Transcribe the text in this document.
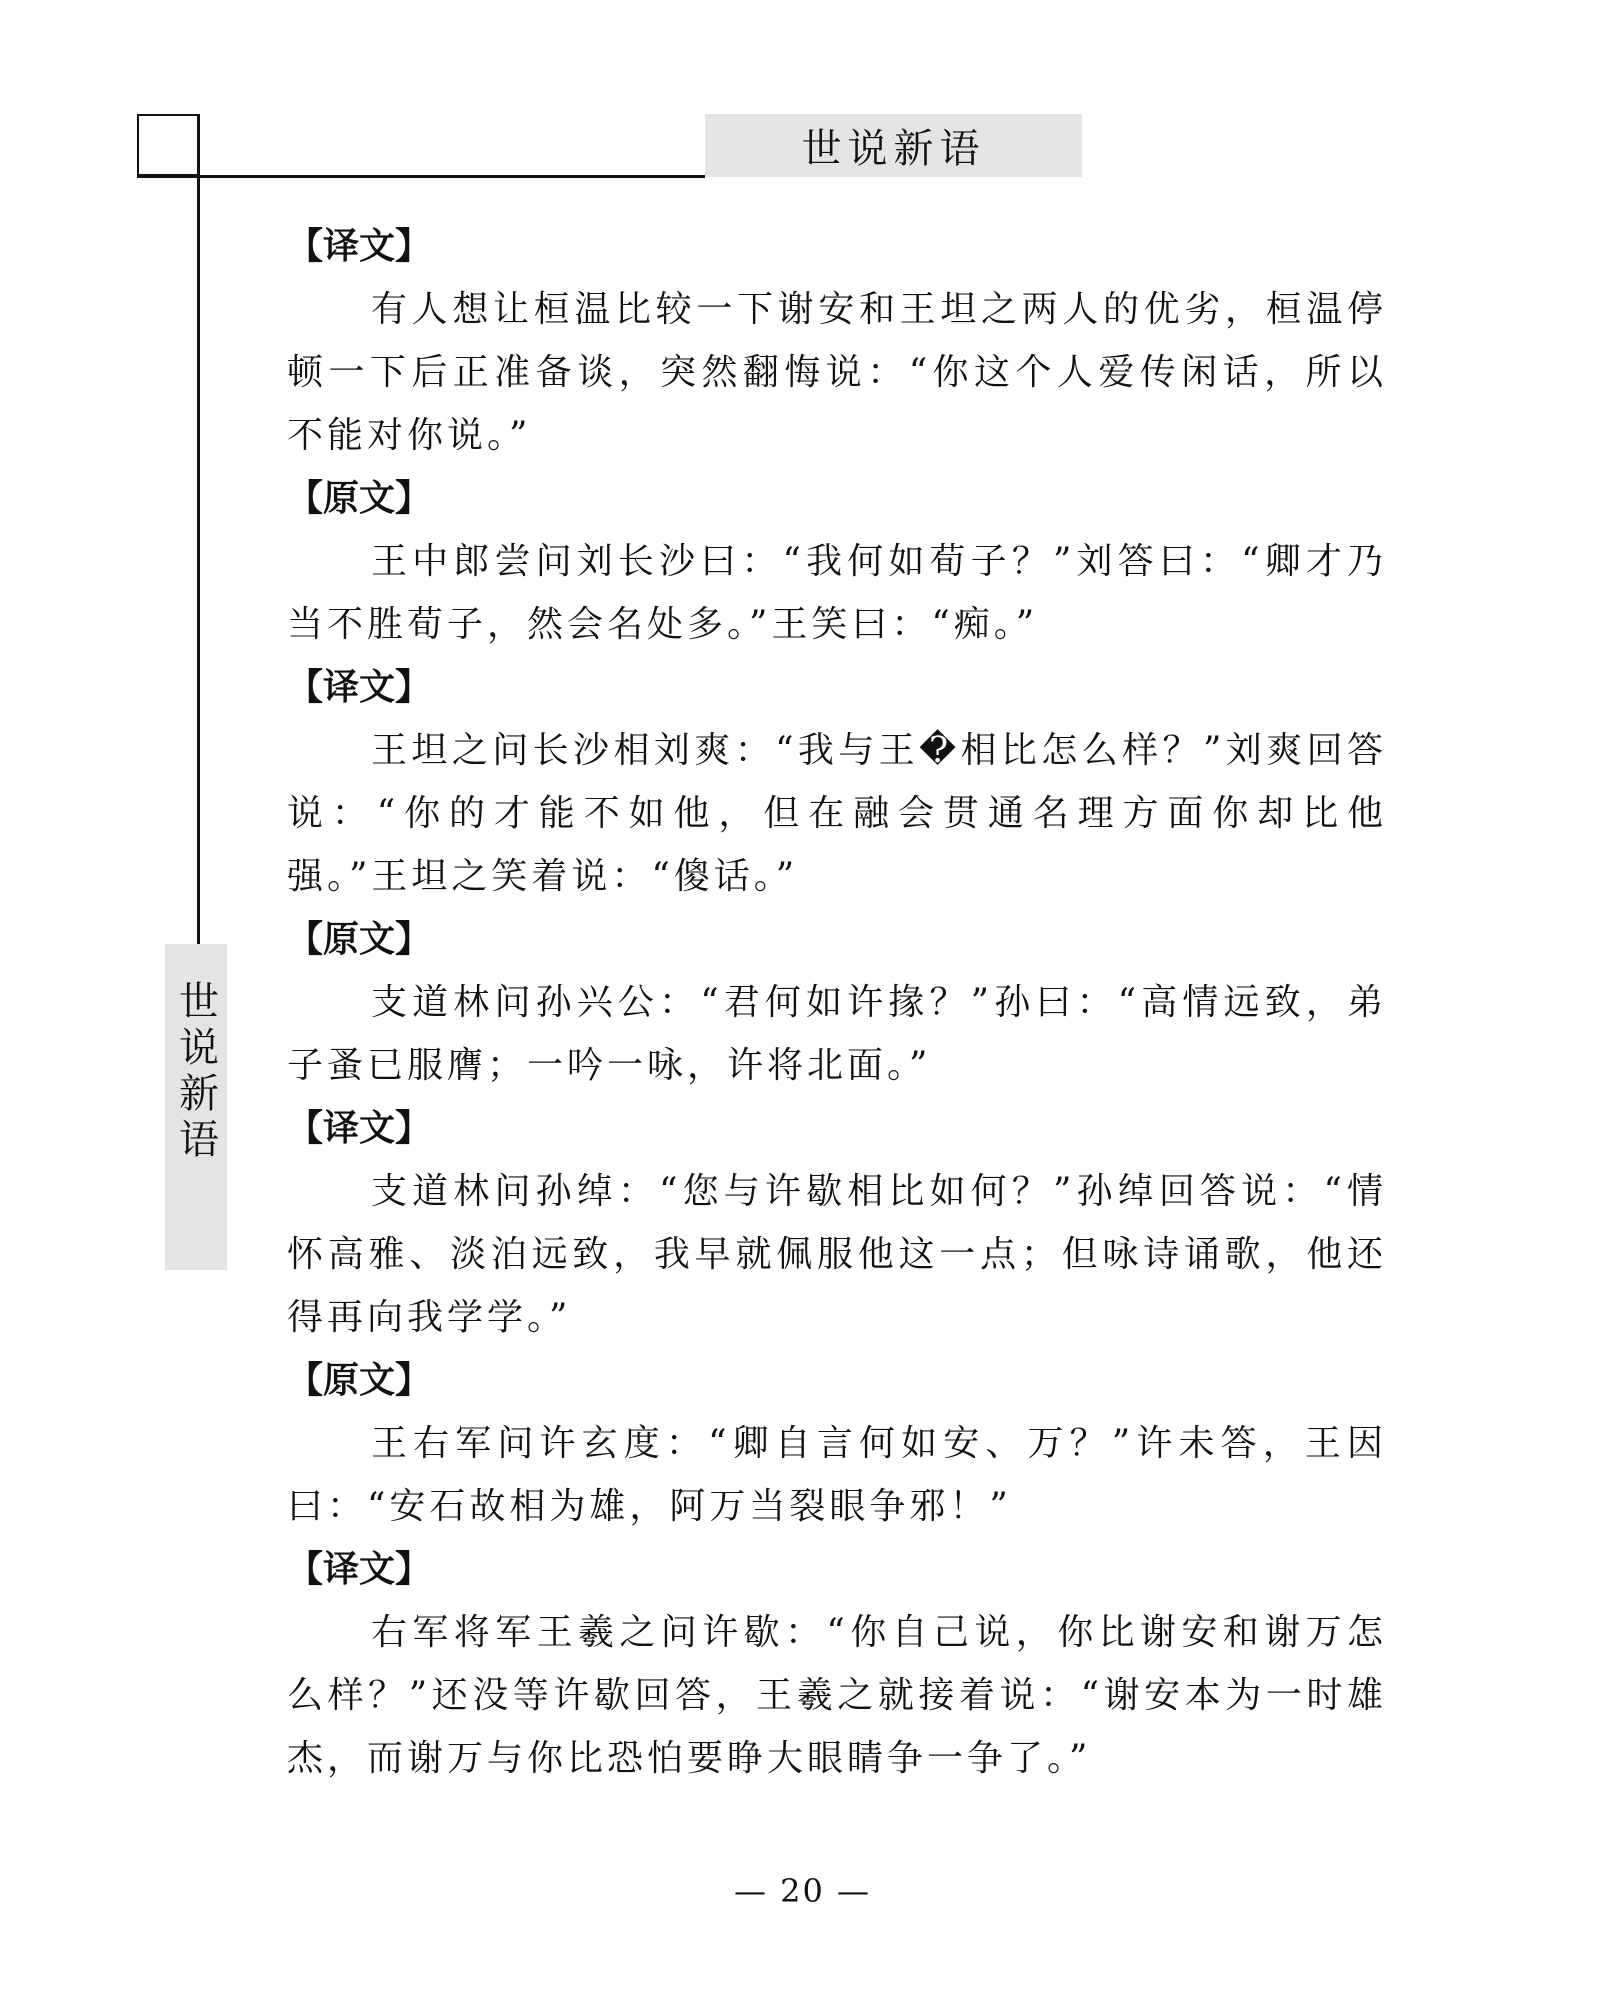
世说新语
世说新语

【译文】

有人想让桓温比较一下谢安和王坦之两人的优劣，桓温停顿一下后正准备谈，突然翻悔说：“你这个人爱传闲话，所以不能对你说。”

【原文】

王中郎尝问刘长沙曰：“我何如荀子？”刘答曰：“卿才乃当不胜荀子，然会名处多。”王笑曰：“痴。”

【译文】

王坦之问长沙相刘爽：“我与王�相比怎么样？”刘爽回答说：“你的才能不如他，但在融会贯通名理方面你却比他强。”王坦之笑着说：“傻话。”

【原文】

支道林问孙兴公：“君何如许掾？”孙曰：“高情远致，弟子蚤已服膺；一吟一咏，许将北面。”

【译文】

支道林问孙绰：“您与许歇相比如何？”孙绰回答说：“情怀高雅、淡泊远致，我早就佩服他这一点；但咏诗诵歌，他还得再向我学学。”

【原文】

王右军问许玄度：“卿自言何如安、万？”许未答，王因曰：“安石故相为雄，阿万当裂眼争邪！”

【译文】

右军将军王羲之问许歇：“你自己说，你比谢安和谢万怎么样？”还没等许歇回答，王羲之就接着说：“谢安本为一时雄杰，而谢万与你比恐怕要睁大眼睛争一争了。”

— 20 —
